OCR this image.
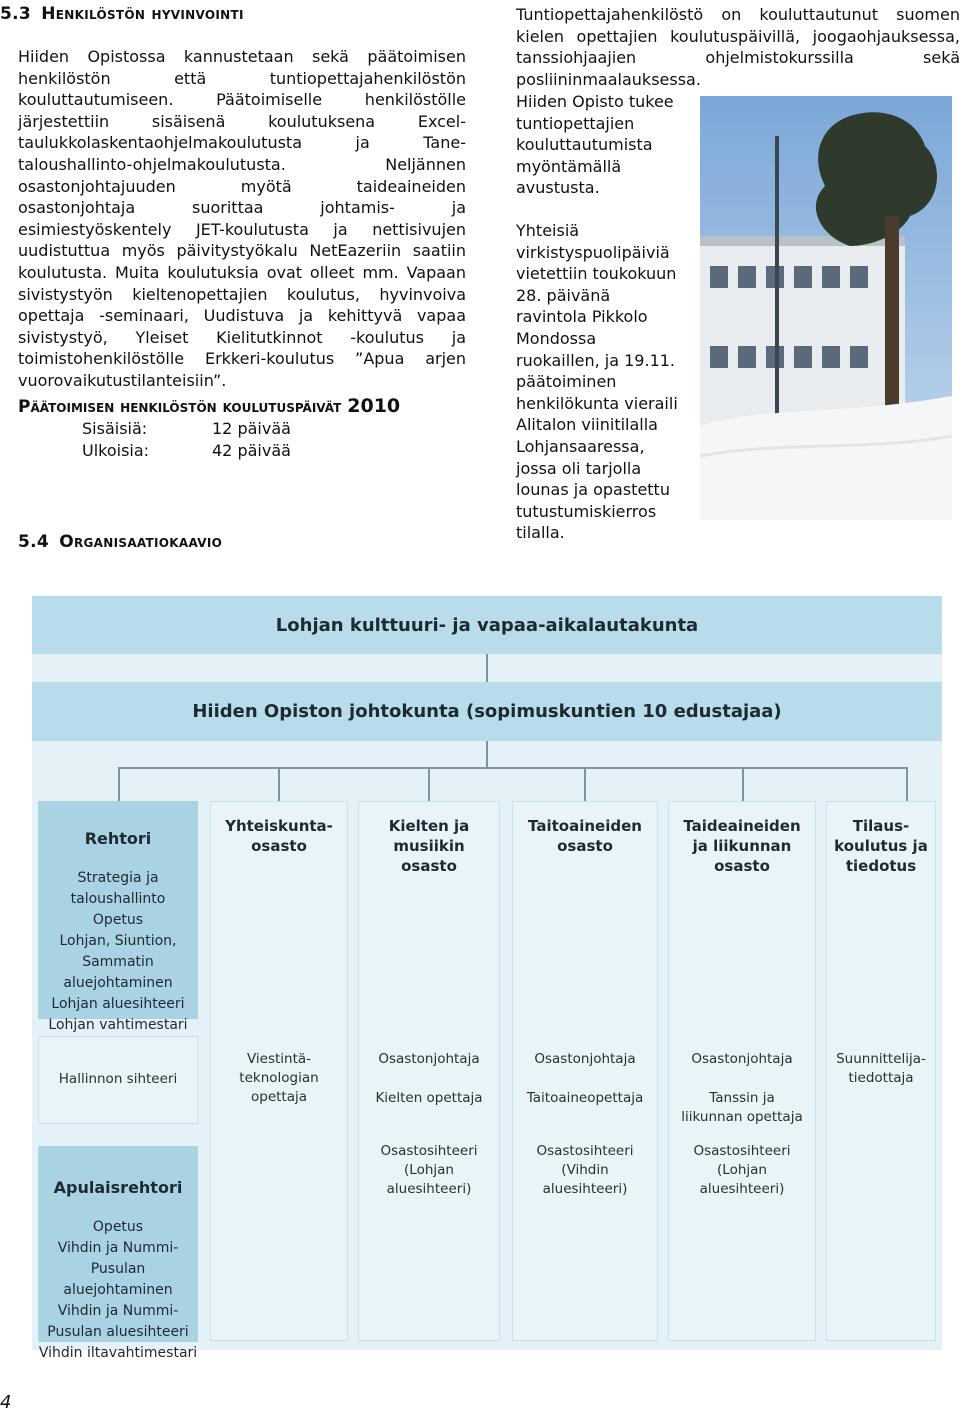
5.3 Henkilöstön hyvinvointi

Hiiden Opistossa kannustetaan sekä päätoimisen henkilöstön että tuntiopettajahenkilöstön kouluttautumiseen. Päätoimiselle henkilöstölle järjestettiin sisäisenä koulutuksena Excel-taulukkolaskentaohjelmakoulutusta ja Tane-taloushallinto-ohjelmakoulutusta. Neljännen osastonjohtajuuden myötä taideaineiden osastonjohtaja suorittaa johtamis- ja esimiestyöskentely JET-koulutusta ja nettisivujen uudistuttua myös päivitystyökalu NetEazeriin saatiin koulutusta. Muita koulutuksia ovat olleet mm. Vapaan sivistystyön kieltenopettajien koulutus, hyvinvoiva opettaja -seminaari, Uudistuva ja kehittyvä vapaa sivistystyö, Yleiset Kielitutkinnot -koulutus ja toimistohenkilöstölle Erkkeri-koulutus ”Apua arjen vuorovaikutustilanteisiin”.

Päätoimisen henkilöstön koulutuspäivät 2010
Sisäisiä:	12 päivää
Ulkoisia:	42 päivää

Tuntiopettajahenkilöstö on kouluttautunut suomen kielen opettajien koulutuspäivillä, joogaohjauksessa, tanssiohjaajien ohjelmistokurssilla sekä posliininmaalauksessa.

Hiiden Opisto tukee tuntiopettajien kouluttautumista myöntämällä avustusta.

Yhteisiä virkistyspuolipäiviä vietettiin toukokuun 28. päivänä ravintola Pikkolo Mondossa ruokaillen, ja 19.11. päätoiminen henkilökunta vieraili Alitalon viinitilalla Lohjansaaressa, jossa oli tarjolla lounas ja opastettu tutustumiskierros tilalla.

5.4 Organisaatiokaavio
Lohjan kulttuuri- ja vapaa-aikalautakunta
Hiiden Opiston johtokunta (sopimuskuntien 10 edustajaa)

Rehtori

Strategia ja
taloushallinto
Opetus
Lohjan, Siuntion,
Sammatin
aluejohtaminen
Lohjan aluesihteeri
Lohjan vahtimestari

Hallinnon sihteeri

Apulaisrehtori

Opetus
Vihdin ja Nummi-
Pusulan
aluejohtaminen
Vihdin ja Nummi-
Pusulan aluesihteeri
Vihdin iltavahtimestari

Yhteiskunta-
osasto
Viestintä-
teknologian
opettaja
Kielten ja
musiikin
osasto
Osastonjohtaja
Kielten opettaja
Osastosihteeri
(Lohjan
aluesihteeri)
Taitoaineiden
osasto
Osastonjohtaja
Taitoaineopettaja
Osastosihteeri
(Vihdin
aluesihteeri)
Taideaineiden
ja liikunnan
osasto
Osastonjohtaja
Tanssin ja
liikunnan opettaja
Osastosihteeri
(Lohjan
aluesihteeri)
Tilaus-
koulutus ja
tiedotus
Suunnittelija-
tiedottaja
4
